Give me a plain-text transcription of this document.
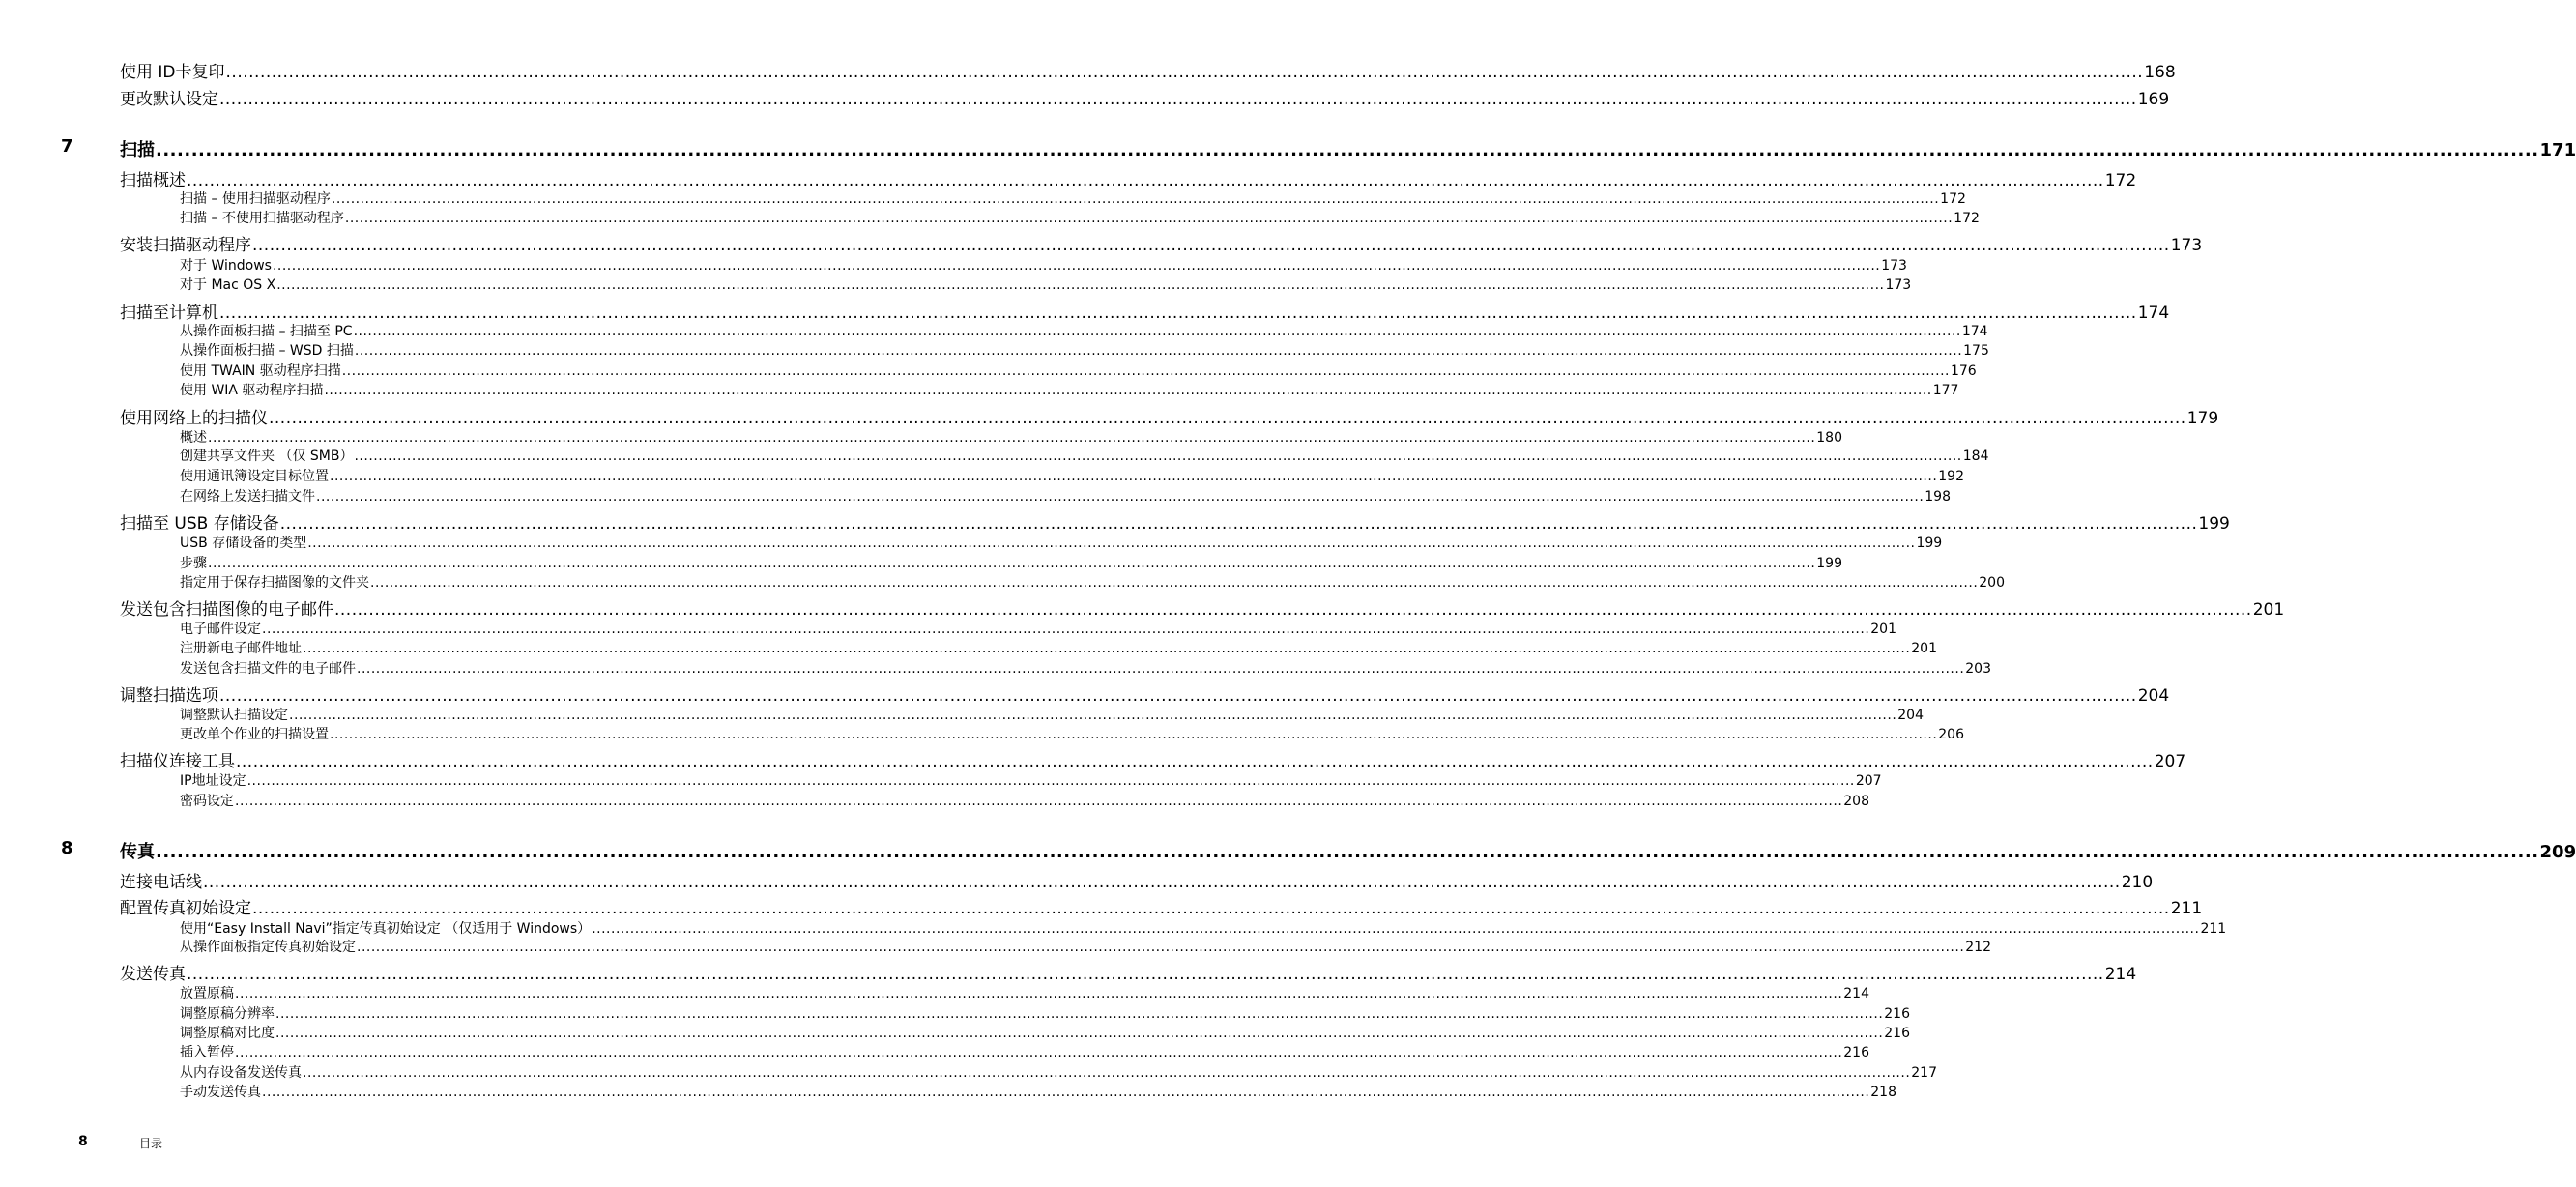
使用 ID卡复印 .....	168
更改默认设定 .....	169
7	扫描 .....	171
扫描概述 .....	172
扫描 – 使用扫描驱动程序 .....	172
扫描 – 不使用扫描驱动程序 .....	172
安装扫描驱动程序 .....	173
对于 Windows .....	173
对于 Mac OS X .....	173
扫描至计算机 .....	174
从操作面板扫描 – 扫描至 PC .....	174
从操作面板扫描 – WSD 扫描 .....	175
使用 TWAIN 驱动程序扫描 .....	176
使用 WIA 驱动程序扫描 .....	177
使用网络上的扫描仪 .....	179
概述 .....	180
创建共享文件夹 （仅 SMB） .....	184
使用通讯簿设定目标位置 .....	192
在网络上发送扫描文件 .....	198
扫描至 USB 存储设备 .....	199
USB 存储设备的类型 .....	199
步骤 .....	199
指定用于保存扫描图像的文件夹 .....	200
发送包含扫描图像的电子邮件 .....	201
电子邮件设定 .....	201
注册新电子邮件地址 .....	201
发送包含扫描文件的电子邮件 .....	203
调整扫描选项 .....	204
调整默认扫描设定 .....	204
更改单个作业的扫描设置 .....	206
扫描仪连接工具 .....	207
IP地址设定 .....	207
密码设定 .....	208
8	传真 .....	209
连接电话线 .....	210
配置传真初始设定 .....	211
使用“Easy Install Navi”指定传真初始设定 （仅适用于 Windows） .....	211
从操作面板指定传真初始设定 .....	212
发送传真 .....	214
放置原稿 .....	214
调整原稿分辨率 .....	216
调整原稿对比度 .....	216
插入暂停 .....	216
从内存设备发送传真 .....	217
手动发送传真 .....	218
8	目录
